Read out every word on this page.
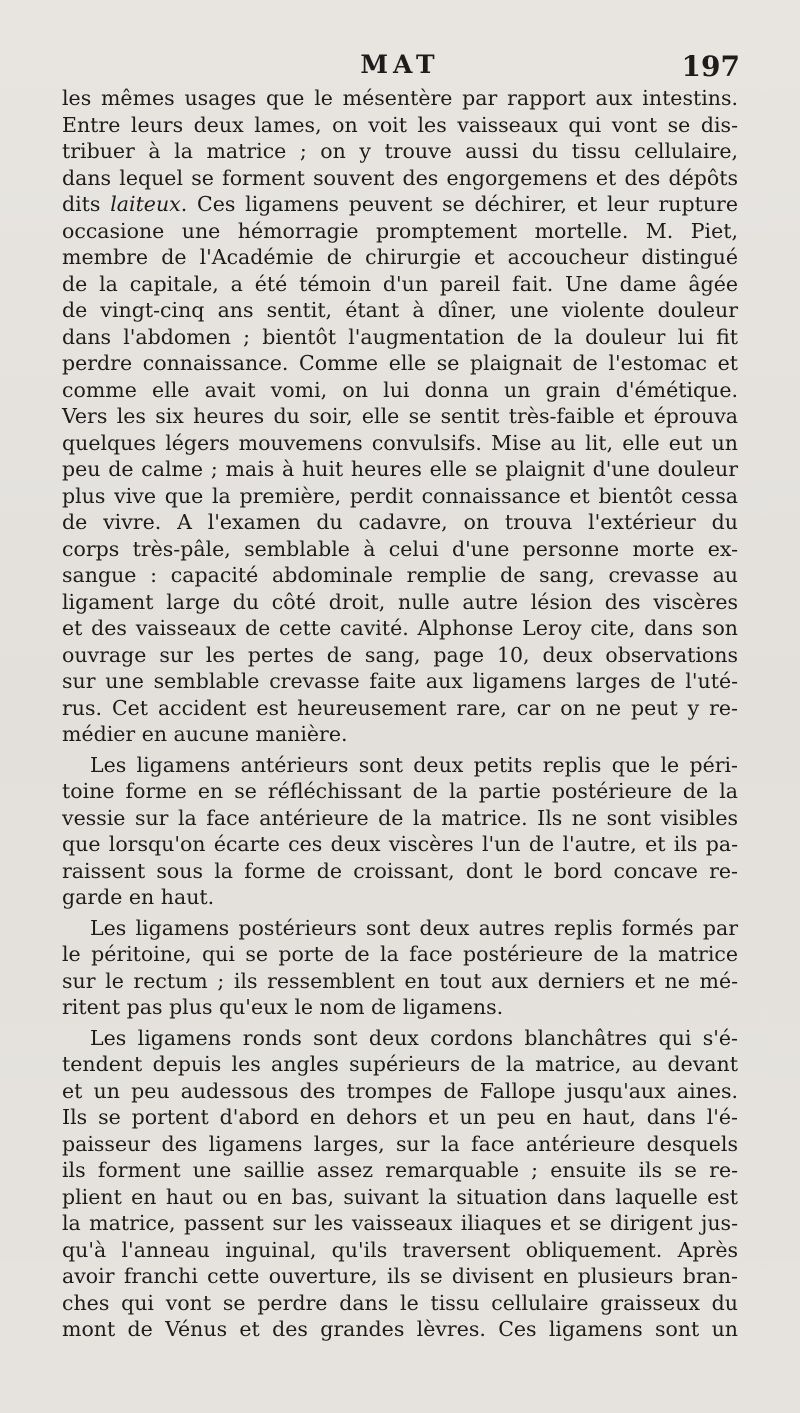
MAT	197
les mêmes usages que le mésentère par rapport aux intestins.
Entre leurs deux lames, on voit les vaisseaux qui vont se dis-
tribuer à la matrice ; on y trouve aussi du tissu cellulaire,
dans lequel se forment souvent des engorgemens et des dépôts
dits laiteux. Ces ligamens peuvent se déchirer, et leur rupture
occasione une hémorragie promptement mortelle. M. Piet,
membre de l'Académie de chirurgie et accoucheur distingué
de la capitale, a été témoin d'un pareil fait. Une dame âgée
de vingt-cinq ans sentit, étant à dîner, une violente douleur
dans l'abdomen ; bientôt l'augmentation de la douleur lui fit
perdre connaissance. Comme elle se plaignait de l'estomac et
comme elle avait vomi, on lui donna un grain d'émétique.
Vers les six heures du soir, elle se sentit très-faible et éprouva
quelques légers mouvemens convulsifs. Mise au lit, elle eut un
peu de calme ; mais à huit heures elle se plaignit d'une douleur
plus vive que la première, perdit connaissance et bientôt cessa
de vivre. A l'examen du cadavre, on trouva l'extérieur du
corps très-pâle, semblable à celui d'une personne morte ex-
sangue : capacité abdominale remplie de sang, crevasse au
ligament large du côté droit, nulle autre lésion des viscères
et des vaisseaux de cette cavité. Alphonse Leroy cite, dans son
ouvrage sur les pertes de sang, page 10, deux observations
sur une semblable crevasse faite aux ligamens larges de l'uté-
rus. Cet accident est heureusement rare, car on ne peut y re-
médier en aucune manière.
Les ligamens antérieurs sont deux petits replis que le péri-
toine forme en se réfléchissant de la partie postérieure de la
vessie sur la face antérieure de la matrice. Ils ne sont visibles
que lorsqu'on écarte ces deux viscères l'un de l'autre, et ils pa-
raissent sous la forme de croissant, dont le bord concave re-
garde en haut.
Les ligamens postérieurs sont deux autres replis formés par
le péritoine, qui se porte de la face postérieure de la matrice
sur le rectum ; ils ressemblent en tout aux derniers et ne mé-
ritent pas plus qu'eux le nom de ligamens.
Les ligamens ronds sont deux cordons blanchâtres qui s'é-
tendent depuis les angles supérieurs de la matrice, au devant
et un peu audessous des trompes de Fallope jusqu'aux aines.
Ils se portent d'abord en dehors et un peu en haut, dans l'é-
paisseur des ligamens larges, sur la face antérieure desquels
ils forment une saillie assez remarquable ; ensuite ils se re-
plient en haut ou en bas, suivant la situation dans laquelle est
la matrice, passent sur les vaisseaux iliaques et se dirigent jus-
qu'à l'anneau inguinal, qu'ils traversent obliquement. Après
avoir franchi cette ouverture, ils se divisent en plusieurs bran-
ches qui vont se perdre dans le tissu cellulaire graisseux du
mont de Vénus et des grandes lèvres. Ces ligamens sont un
